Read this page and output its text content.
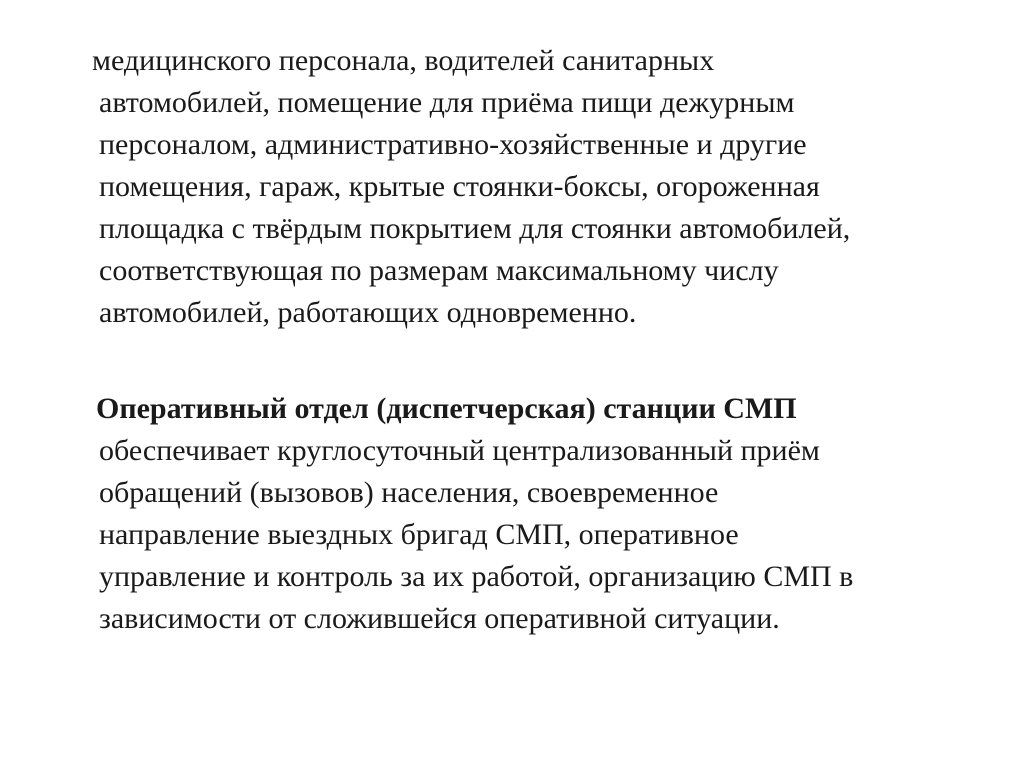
медицинского персонала, водителей санитарных
автомобилей, помещение для приёма пищи дежурным
персоналом, административно-хозяйственные и другие
помещения, гараж, крытые стоянки-боксы, огороженная
площадка с твёрдым покрытием для стоянки автомобилей,
соответствующая по размерам максимальному числу
автомобилей, работающих одновременно.
Оперативный отдел (диспетчерская) станции СМП
обеспечивает круглосуточный централизованный приём
обращений (вызовов) населения, своевременное
направление выездных бригад СМП, оперативное
управление и контроль за их работой, организацию СМП в
зависимости от сложившейся оперативной ситуации.
